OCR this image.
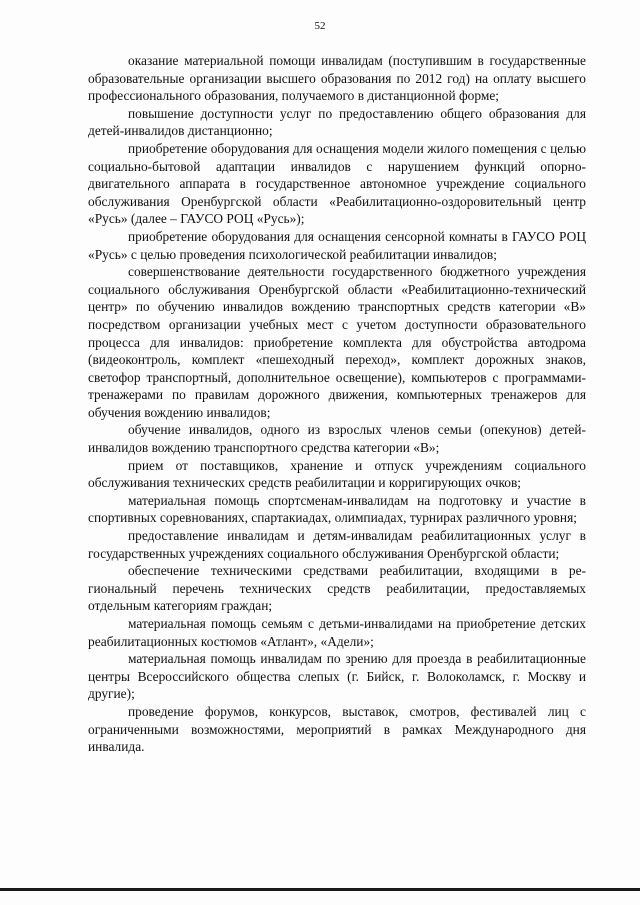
52

оказание материальной помощи инвалидам (поступившим в государственные образовательные организации высшего образования по 2012 год) на оплату высшего профессионального образования, получаемого в дистанционной форме;

повышение доступности услуг по предоставлению общего образования для детей-инвалидов дистанционно;

приобретение оборудования для оснащения модели жилого помещения с целью социально-бытовой адаптации инвалидов с нарушением функций опорно-двигательного аппарата в государственное автономное учреждение социального обслуживания Оренбургской области «Реабилитационно-оздоровительный центр «Русь» (далее – ГАУСО РОЦ «Русь»);

приобретение оборудования для оснащения сенсорной комнаты в ГАУСО РОЦ «Русь» с целью проведения психологической реабилитации инвалидов;

совершенствование деятельности государственного бюджетного учреждения социального обслуживания Оренбургской области «Реабилитационно-технический центр» по обучению инвалидов вождению транспортных средств категории «В» посредством организации учебных мест с учетом доступности образовательного процесса для инвалидов: приобретение комплекта для обустройства автодрома (видеоконтроль, комплект «пешеходный переход», комплект дорожных знаков, светофор транспортный, дополнительное освещение), компьютеров с программами-тренажерами по правилам дорожного движения, компьютерных тренажеров для обучения вождению инвалидов;

обучение инвалидов, одного из взрослых членов семьи (опекунов) детей-инвалидов вождению транспортного средства категории «В»;

прием от поставщиков, хранение и отпуск учреждениям социального обслуживания технических средств реабилитации и корригирующих очков;

материальная помощь спортсменам-инвалидам на подготовку и участие в спортивных соревнованиях, спартакиадах, олимпиадах, турнирах различного уровня;

предоставление инвалидам и детям-инвалидам реабилитационных услуг в государственных учреждениях социального обслуживания Оренбургской области;

обеспечение техническими средствами реабилитации, входящими в региональный перечень технических средств реабилитации, предоставляемых отдельным категориям граждан;

материальная помощь семьям с детьми-инвалидами на приобретение детских реабилитационных костюмов «Атлант», «Адели»;

материальная помощь инвалидам по зрению для проезда в реабилитационные центры Всероссийского общества слепых (г. Бийск, г. Волоколамск, г. Москву и другие);

проведение форумов, конкурсов, выставок, смотров, фестивалей лиц с ограниченными возможностями, мероприятий в рамках Международного дня инвалида.
